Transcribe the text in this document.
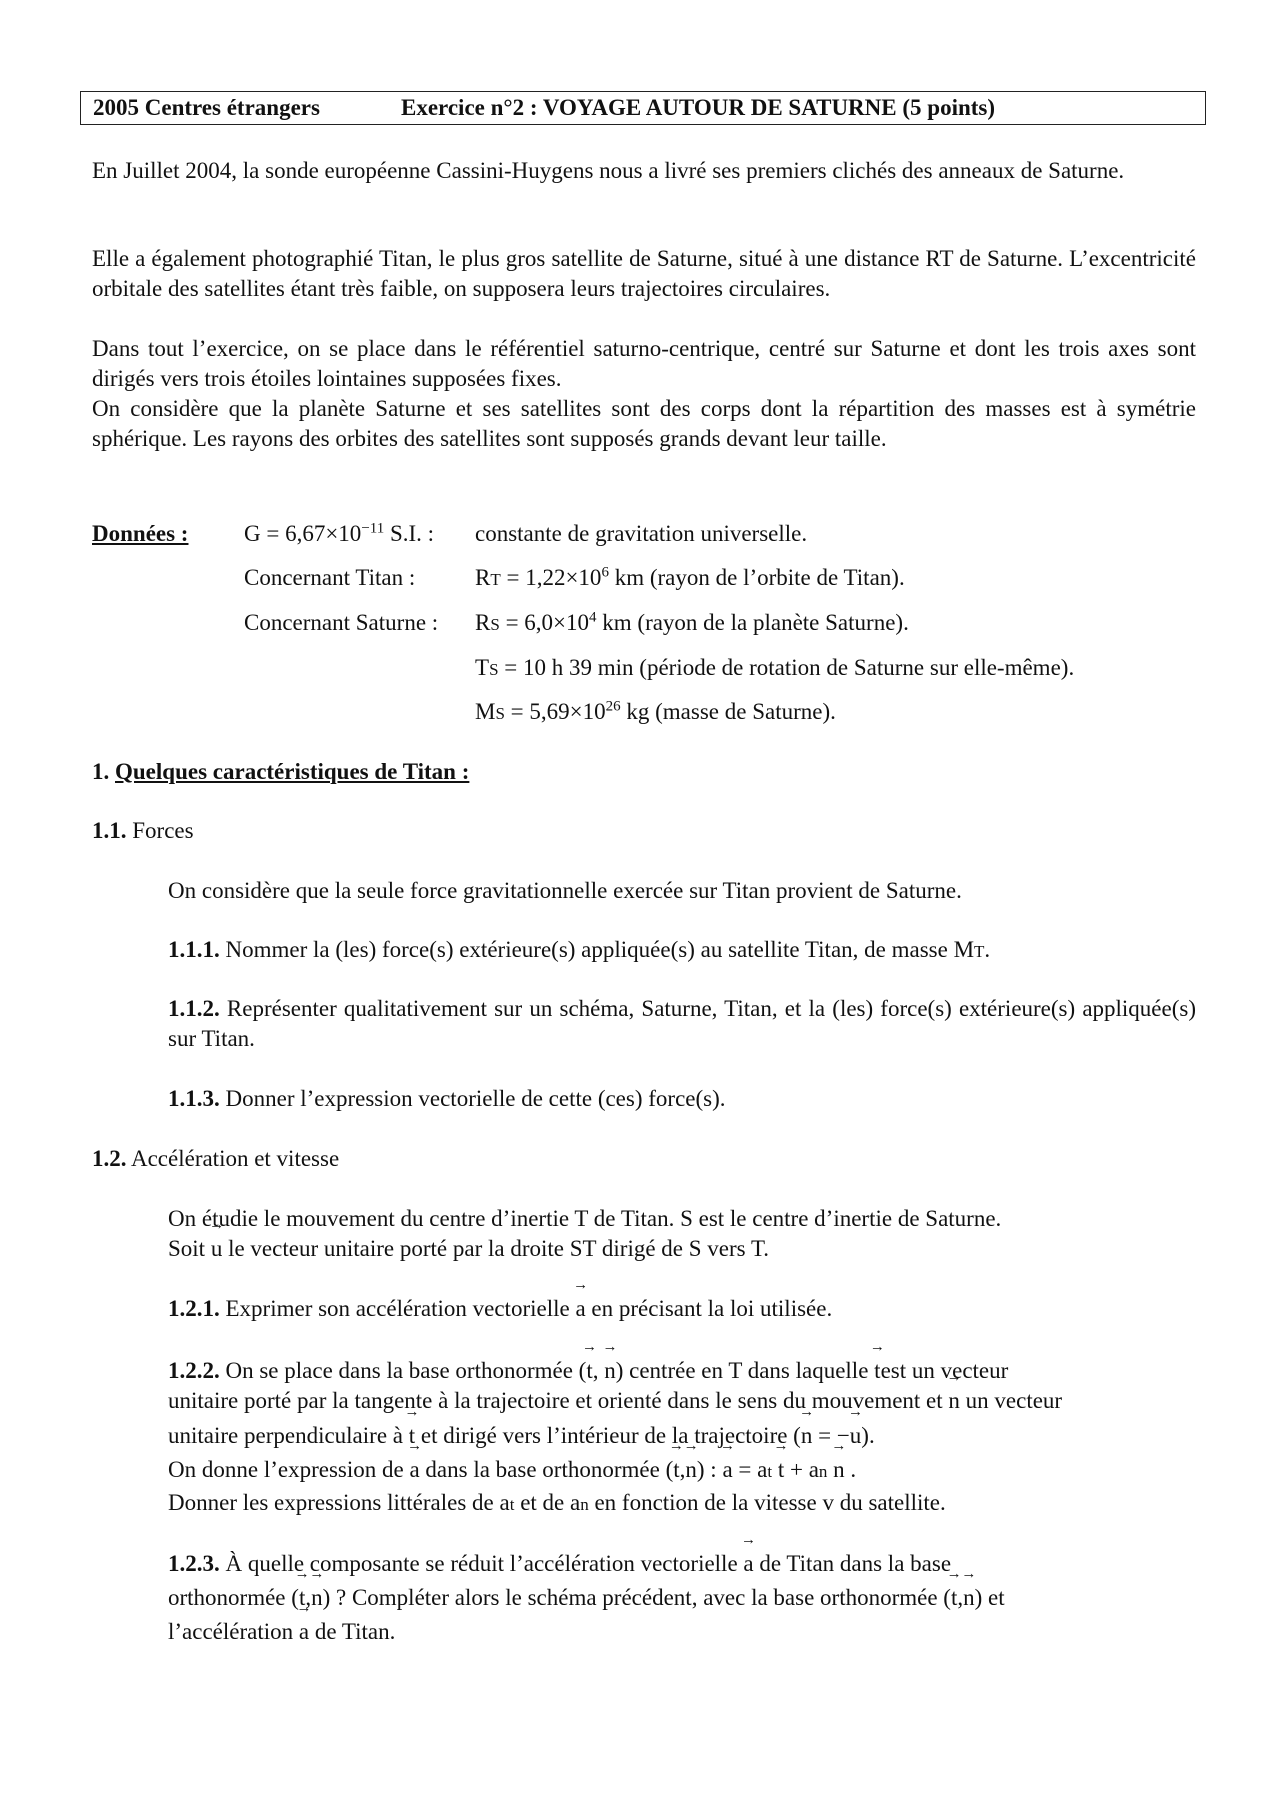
2005 Centres étrangers	Exercice n°2 : VOYAGE AUTOUR DE SATURNE (5 points)
En Juillet 2004, la sonde européenne Cassini-Huygens nous a livré ses premiers clichés des anneaux de Saturne.
Elle a également photographié Titan, le plus gros satellite de Saturne, situé à une distance RT de Saturne. L’excentricité orbitale des satellites étant très faible, on supposera leurs trajectoires circulaires.
Dans tout l’exercice, on se place dans le référentiel saturno-centrique, centré sur Saturne et dont les trois axes sont dirigés vers trois étoiles lointaines supposées fixes.
On considère que la planète Saturne et ses satellites sont des corps dont la répartition des masses est à symétrie sphérique. Les rayons des orbites des satellites sont supposés grands devant leur taille.
Données : $G = 6,67\times 10^{-11}$ S.I. : constante de gravitation universelle.
Concernant Titan :	RT = $1,22\times 10^6$ km (rayon de l’orbite de Titan).
Concernant Saturne : RS = $6,0\times 10^4$ km (rayon de la planète Saturne).
TS = 10 h 39 min (période de rotation de Saturne sur elle-même).
MS = $5,69\times 10^{26}$ kg (masse de Saturne).
1. Quelques caractéristiques de Titan :
1.1. Forces
On considère que la seule force gravitationnelle exercée sur Titan provient de Saturne.
1.1.1. Nommer la (les) force(s) extérieure(s) appliquée(s) au satellite Titan, de masse MT.
1.1.2. Représenter qualitativement sur un schéma, Saturne, Titan, et la (les) force(s) extérieure(s) appliquée(s) sur Titan.
1.1.3. Donner l’expression vectorielle de cette (ces) force(s).
1.2. Accélération et vitesse
On étudie le mouvement du centre d’inertie T de Titan. S est le centre d’inertie de Saturne.
Soit → u le vecteur unitaire porté par la droite ST dirigé de S vers T.
1.2.1. Exprimer son accélération vectorielle → a en précisant la loi utilisée.
1.2.2. On se place dans la base orthonormée (→ t, → n) centrée en T dans laquelle → test un vecteur
unitaire porté par la tangente à la trajectoire et orienté dans le sens du mouvement et → n un vecteur
unitaire perpendiculaire à → t et dirigé vers l’intérieur de la trajectoire (→ n = −→ u).
On donne l’expression de → a dans la base orthonormée (→ t,→ n) : → a = at → t + an → n .
Donner les expressions littérales de at et de an en fonction de la vitesse v du satellite.
1.2.3. À quelle composante se réduit l’accélération vectorielle → a de Titan dans la base
orthonormée (→ t,→ n) ? Compléter alors le schéma précédent, avec la base orthonormée (→ t,→ n) et
l’accélération → a de Titan.
